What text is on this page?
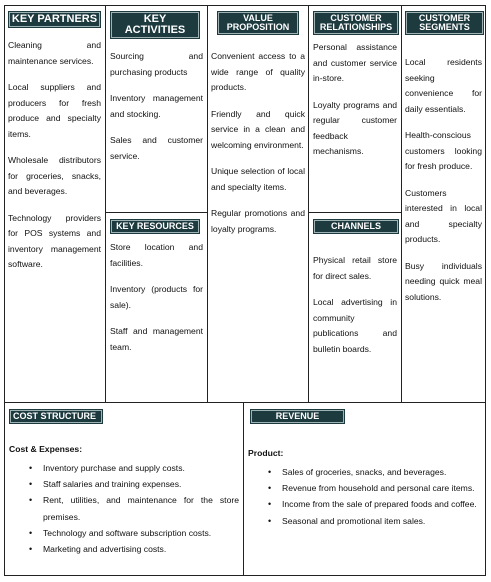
KEY PARTNERS

Cleaning and maintenance services.

Local suppliers and producers for fresh produce and specialty items.

Wholesale distributors for groceries, snacks, and beverages.

Technology providers for POS systems and inventory management software.

KEY ACTIVITIES

Sourcing and purchasing products

Inventory management and stocking.

Sales and customer service.

KEY RESOURCES

Store location and facilities.

Inventory (products for sale).

Staff and management team.

VALUE PROPOSITION

Convenient access to a wide range of quality products.

Friendly and quick service in a clean and welcoming environment.

Unique selection of local and specialty items.

Regular promotions and loyalty programs.

CUSTOMER RELATIONSHIPS

Personal assistance and customer service in-store.

Loyalty programs and regular customer feedback mechanisms.

CHANNELS

Physical retail store for direct sales.

Local advertising in community publications and bulletin boards.

CUSTOMER SEGMENTS

Local residents seeking convenience for daily essentials.

Health-conscious customers looking for fresh produce.

Customers interested in local and specialty products.

Busy individuals needing quick meal solutions.

COST STRUCTURE
Cost & Expenses:
• Inventory purchase and supply costs.
• Staff salaries and training expenses.
• Rent, utilities, and maintenance for the store premises.
• Technology and software subscription costs.
• Marketing and advertising costs.
REVENUE
Product:
• Sales of groceries, snacks, and beverages.
• Revenue from household and personal care items.
• Income from the sale of prepared foods and coffee.
• Seasonal and promotional item sales.
